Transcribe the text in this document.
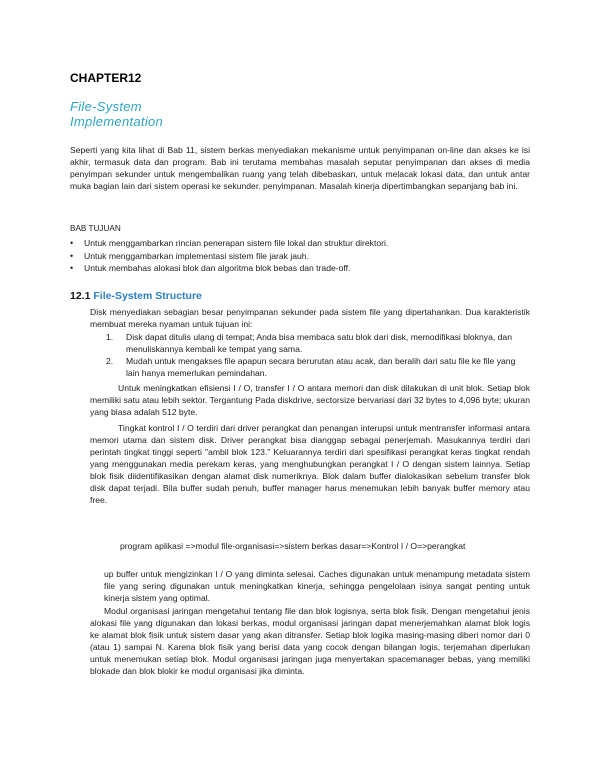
CHAPTER12
File-System
Implementation

Seperti yang kita lihat di Bab 11, sistem berkas menyediakan mekanisme untuk penyimpanan on-line dan akses ke isi akhir, termasuk data dan program. Bab ini terutama membahas masalah seputar penyimpanan dan akses di media penyimpan sekunder untuk mengembalikan ruang yang telah dibebaskan, untuk melacak lokasi data, dan untuk antar muka bagian lain dari sistem operasi ke sekunder. penyimpanan. Masalah kinerja dipertimbangkan sepanjang bab ini.

BAB TUJUAN
• Untuk menggambarkan rincian penerapan sistem file lokal dan struktur direktori.
• Untuk menggambarkan implementasi sistem file jarak jauh.
• Untuk membahas alokasi blok dan algoritma blok bebas dan trade-off.
12.1 File-System Structure

Disk menyediakan sebagian besar penyimpanan sekunder pada sistem file yang dipertahankan. Dua karakteristik membuat mereka nyaman untuk tujuan ini:

1. Disk dapat ditulis ulang di tempat; Anda bisa membaca satu blok dari disk, memodifikasi bloknya, dan menuliskannya kembali ke tempat yang sama.
2. Mudah untuk mengakses file apapun secara berurutan atau acak, dan beralih dari satu file ke file yang lain hanya memerlukan pemindahan.

Untuk meningkatkan efisiensi I / O, transfer I / O antara memori dan disk dilakukan di unit blok. Setiap blok memiliki satu atau lebih sektor. Tergantung Pada diskdrive, sectorsize bervariasi dari 32 bytes to 4,096 byte; ukuran yang biasa adalah 512 byte.

Tingkat kontrol I / O terdiri dari driver perangkat dan penangan interupsi untuk mentransfer informasi antara memori utama dan sistem disk. Driver perangkat bisa dianggap sebagai penerjemah. Masukannya terdiri dari perintah tingkat tinggi seperti "ambil blok 123." Keluarannya terdiri dari spesifikasi perangkat keras tingkat rendah yang menggunakan media perekam keras, yang menghubungkan perangkat I / O dengan sistem lainnya. Setiap blok fisik diidentifikasikan dengan alamat disk numeriknya. Blok dalam buffer dialokasikan sebelum transfer blok disk dapat terjadi. Bila buffer sudah penuh, buffer manager harus menemukan lebih banyak buffer memory atau free.

program aplikasi =>modul file-organisasi=>sistem berkas dasar=>Kontrol I / O=>perangkat

up buffer untuk mengizinkan I / O yang diminta selesai. Caches digunakan untuk menampung metadata sistem file yang sering digunakan untuk meningkatkan kinerja, sehingga pengelolaan isinya sangat penting untuk kinerja sistem yang optimal.

Modul organisasi jaringan mengetahui tentang file dan blok logisnya, serta blok fisik. Dengan mengetahui jenis alokasi file yang digunakan dan lokasi berkas, modul organisasi jaringan dapat menerjemahkan alamat blok logis ke alamat blok fisik untuk sistem dasar yang akan ditransfer. Setiap blok logika masing-masing diberi nomor dari 0 (atau 1) sampai N. Karena blok fisik yang berisi data yang cocok dengan bilangan logis, terjemahan diperlukan untuk menemukan setiap blok. Modul organisasi jaringan juga menyertakan spacemanager bebas, yang memiliki blokade dan blok blokir ke modul organisasi jika diminta.
